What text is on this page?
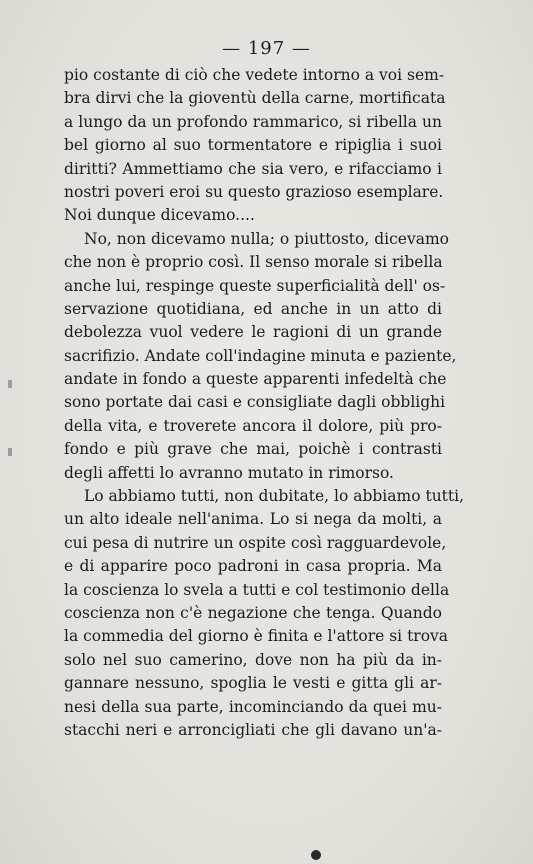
— 197 —
pio costante di ciò che vedete intorno a voi sem-
bra dirvi che la gioventù della carne, mortificata
a lungo da un profondo rammarico, si ribella un
bel giorno al suo tormentatore e ripiglia i suoi
diritti? Ammettiamo che sia vero, e rifacciamo i
nostri poveri eroi su questo grazioso esemplare.
Noi dunque dicevamo....
No, non dicevamo nulla; o piuttosto, dicevamo
che non è proprio così. Il senso morale si ribella
anche lui, respinge queste superficialità dell' os-
servazione quotidiana, ed anche in un atto di
debolezza vuol vedere le ragioni di un grande
sacrifizio. Andate coll'indagine minuta e paziente,
andate in fondo a queste apparenti infedeltà che
sono portate dai casi e consigliate dagli obblighi
della vita, e troverete ancora il dolore, più pro-
fondo e più grave che mai, poichè i contrasti
degli affetti lo avranno mutato in rimorso.
Lo abbiamo tutti, non dubitate, lo abbiamo tutti,
un alto ideale nell'anima. Lo si nega da molti, a
cui pesa di nutrire un ospite così ragguardevole,
e di apparire poco padroni in casa propria. Ma
la coscienza lo svela a tutti e col testimonio della
coscienza non c'è negazione che tenga. Quando
la commedia del giorno è finita e l'attore si trova
solo nel suo camerino, dove non ha più da in-
gannare nessuno, spoglia le vesti e gitta gli ar-
nesi della sua parte, incominciando da quei mu-
stacchi neri e arroncigliati che gli davano un'a-
